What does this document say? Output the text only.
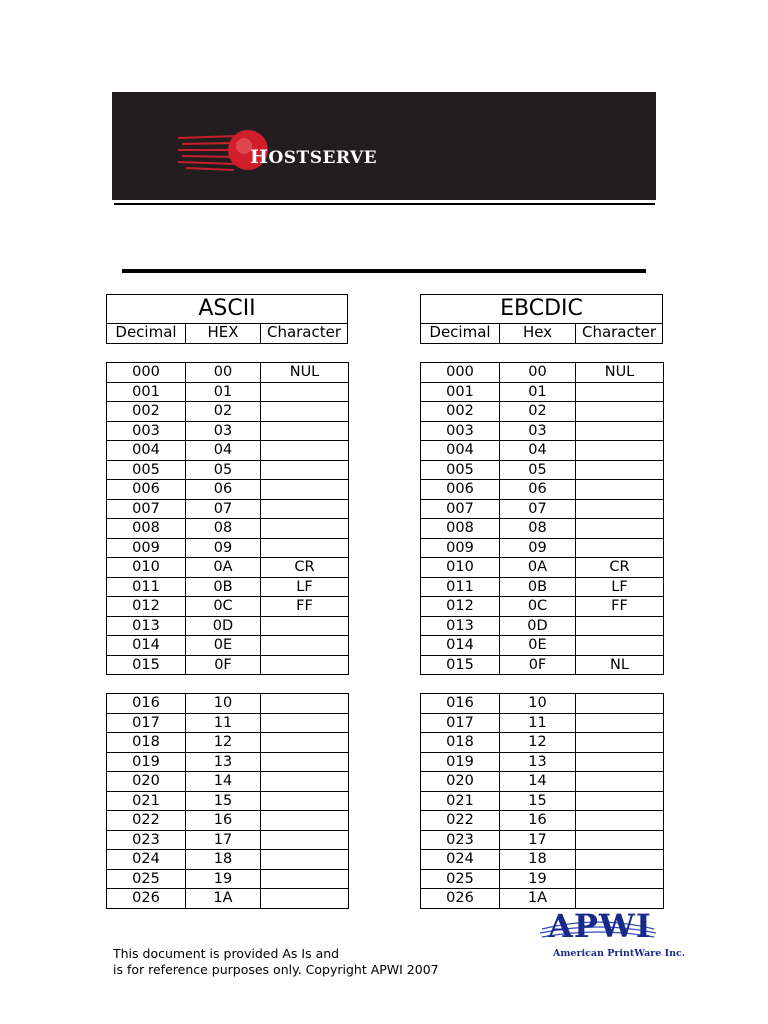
HOSTSERVE
ASCII
Decimal	HEX	Character
EBCDIC
Decimal	Hex	Character
000	00	NUL
001	01	
002	02	
003	03	
004	04	
005	05	
006	06	
007	07	
008	08	
009	09	
010	0A	CR
011	0B	LF
012	0C	FF
013	0D	
014	0E	
015	0F	
016	10	
017	11	
018	12	
019	13	
020	14	
021	15	
022	16	
023	17	
024	18	
025	19	
026	1A	
000	00	NUL
001	01	
002	02	
003	03	
004	04	
005	05	
006	06	
007	07	
008	08	
009	09	
010	0A	CR
011	0B	LF
012	0C	FF
013	0D	
014	0E	
015	0F	NL
016	10	
017	11	
018	12	
019	13	
020	14	
021	15	
022	16	
023	17	
024	18	
025	19	
026	1A	
This document is provided As Is and
is for reference purposes only. Copyright APWI 2007
APWI
American PrintWare Inc.
